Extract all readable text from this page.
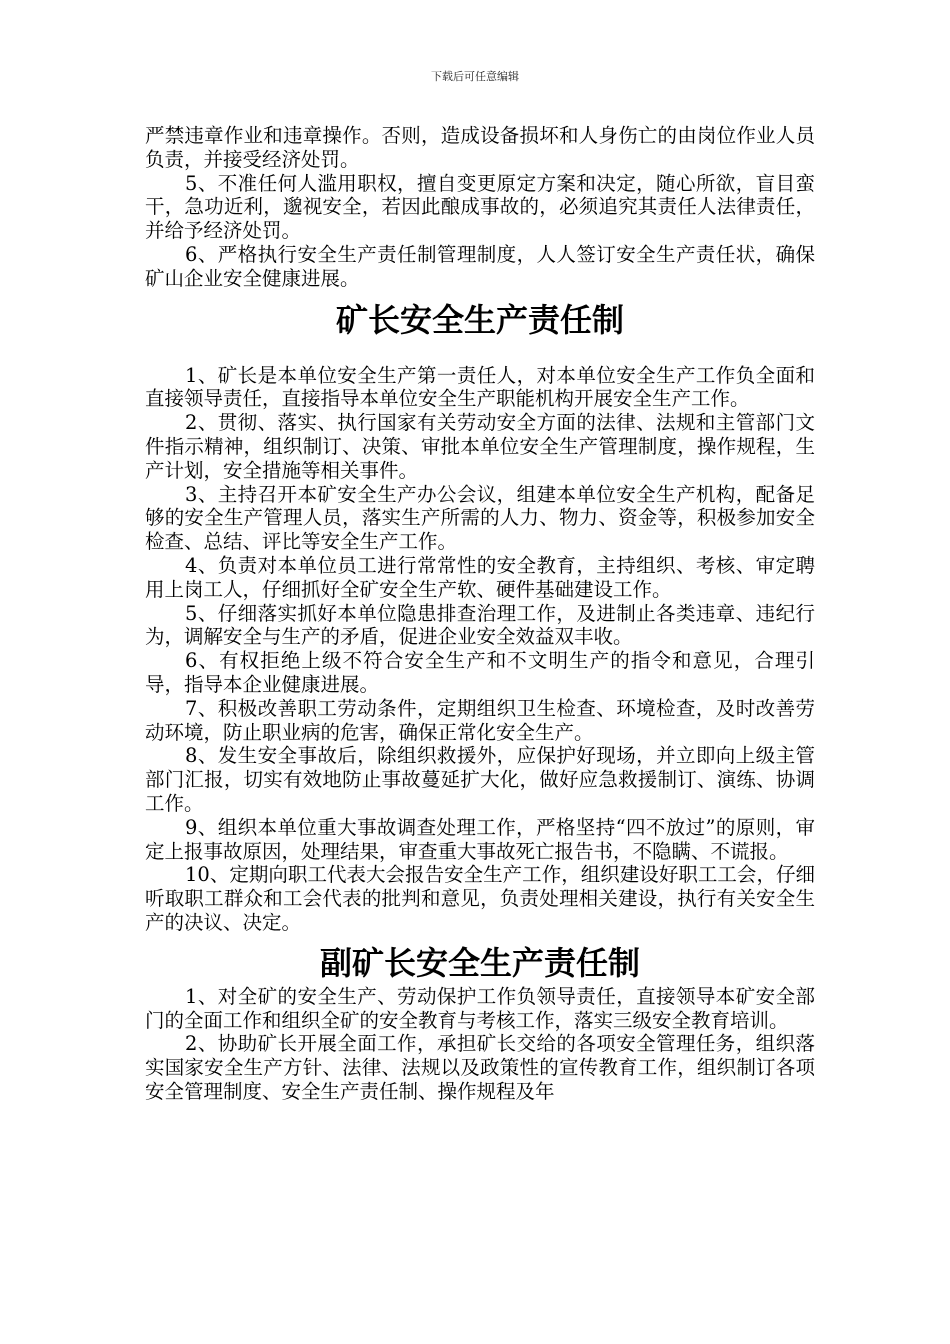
下载后可任意编辑

严禁违章作业和违章操作。否则，造成设备损坏和人身伤亡的由岗位作业人员负责，并接受经济处罚。

5、不准任何人滥用职权，擅自变更原定方案和决定，随心所欲，盲目蛮干，急功近利，邈视安全，若因此酿成事故的，必须追究其责任人法律责任，并给予经济处罚。

6、严格执行安全生产责任制管理制度，人人签订安全生产责任状，确保矿山企业安全健康进展。

矿长安全生产责任制

1、矿长是本单位安全生产第一责任人，对本单位安全生产工作负全面和直接领导责任，直接指导本单位安全生产职能机构开展安全生产工作。

2、贯彻、落实、执行国家有关劳动安全方面的法律、法规和主管部门文件指示精神，组织制订、决策、审批本单位安全生产管理制度，操作规程，生产计划，安全措施等相关事件。

3、主持召开本矿安全生产办公会议，组建本单位安全生产机构，配备足够的安全生产管理人员，落实生产所需的人力、物力、资金等，积极参加安全检查、总结、评比等安全生产工作。

4、负责对本单位员工进行常常性的安全教育，主持组织、考核、审定聘用上岗工人，仔细抓好全矿安全生产软、硬件基础建设工作。

5、仔细落实抓好本单位隐患排查治理工作，及进制止各类违章、违纪行为，调解安全与生产的矛盾，促进企业安全效益双丰收。

6、有权拒绝上级不符合安全生产和不文明生产的指令和意见，合理引导，指导本企业健康进展。

7、积极改善职工劳动条件，定期组织卫生检查、环境检查，及时改善劳动环境，防止职业病的危害，确保正常化安全生产。

8、发生安全事故后，除组织救援外，应保护好现场，并立即向上级主管部门汇报，切实有效地防止事故蔓延扩大化，做好应急救援制订、演练、协调工作。

9、组织本单位重大事故调查处理工作，严格坚持“四不放过”的原则，审定上报事故原因，处理结果，审查重大事故死亡报告书，不隐瞒、不谎报。

10、定期向职工代表大会报告安全生产工作，组织建设好职工工会，仔细听取职工群众和工会代表的批判和意见，负责处理相关建设，执行有关安全生产的决议、决定。

副矿长安全生产责任制

1、对全矿的安全生产、劳动保护工作负领导责任，直接领导本矿安全部门的全面工作和组织全矿的安全教育与考核工作，落实三级安全教育培训。

2、协助矿长开展全面工作，承担矿长交给的各项安全管理任务，组织落实国家安全生产方针、法律、法规以及政策性的宣传教育工作，组织制订各项安全管理制度、安全生产责任制、操作规程及年
